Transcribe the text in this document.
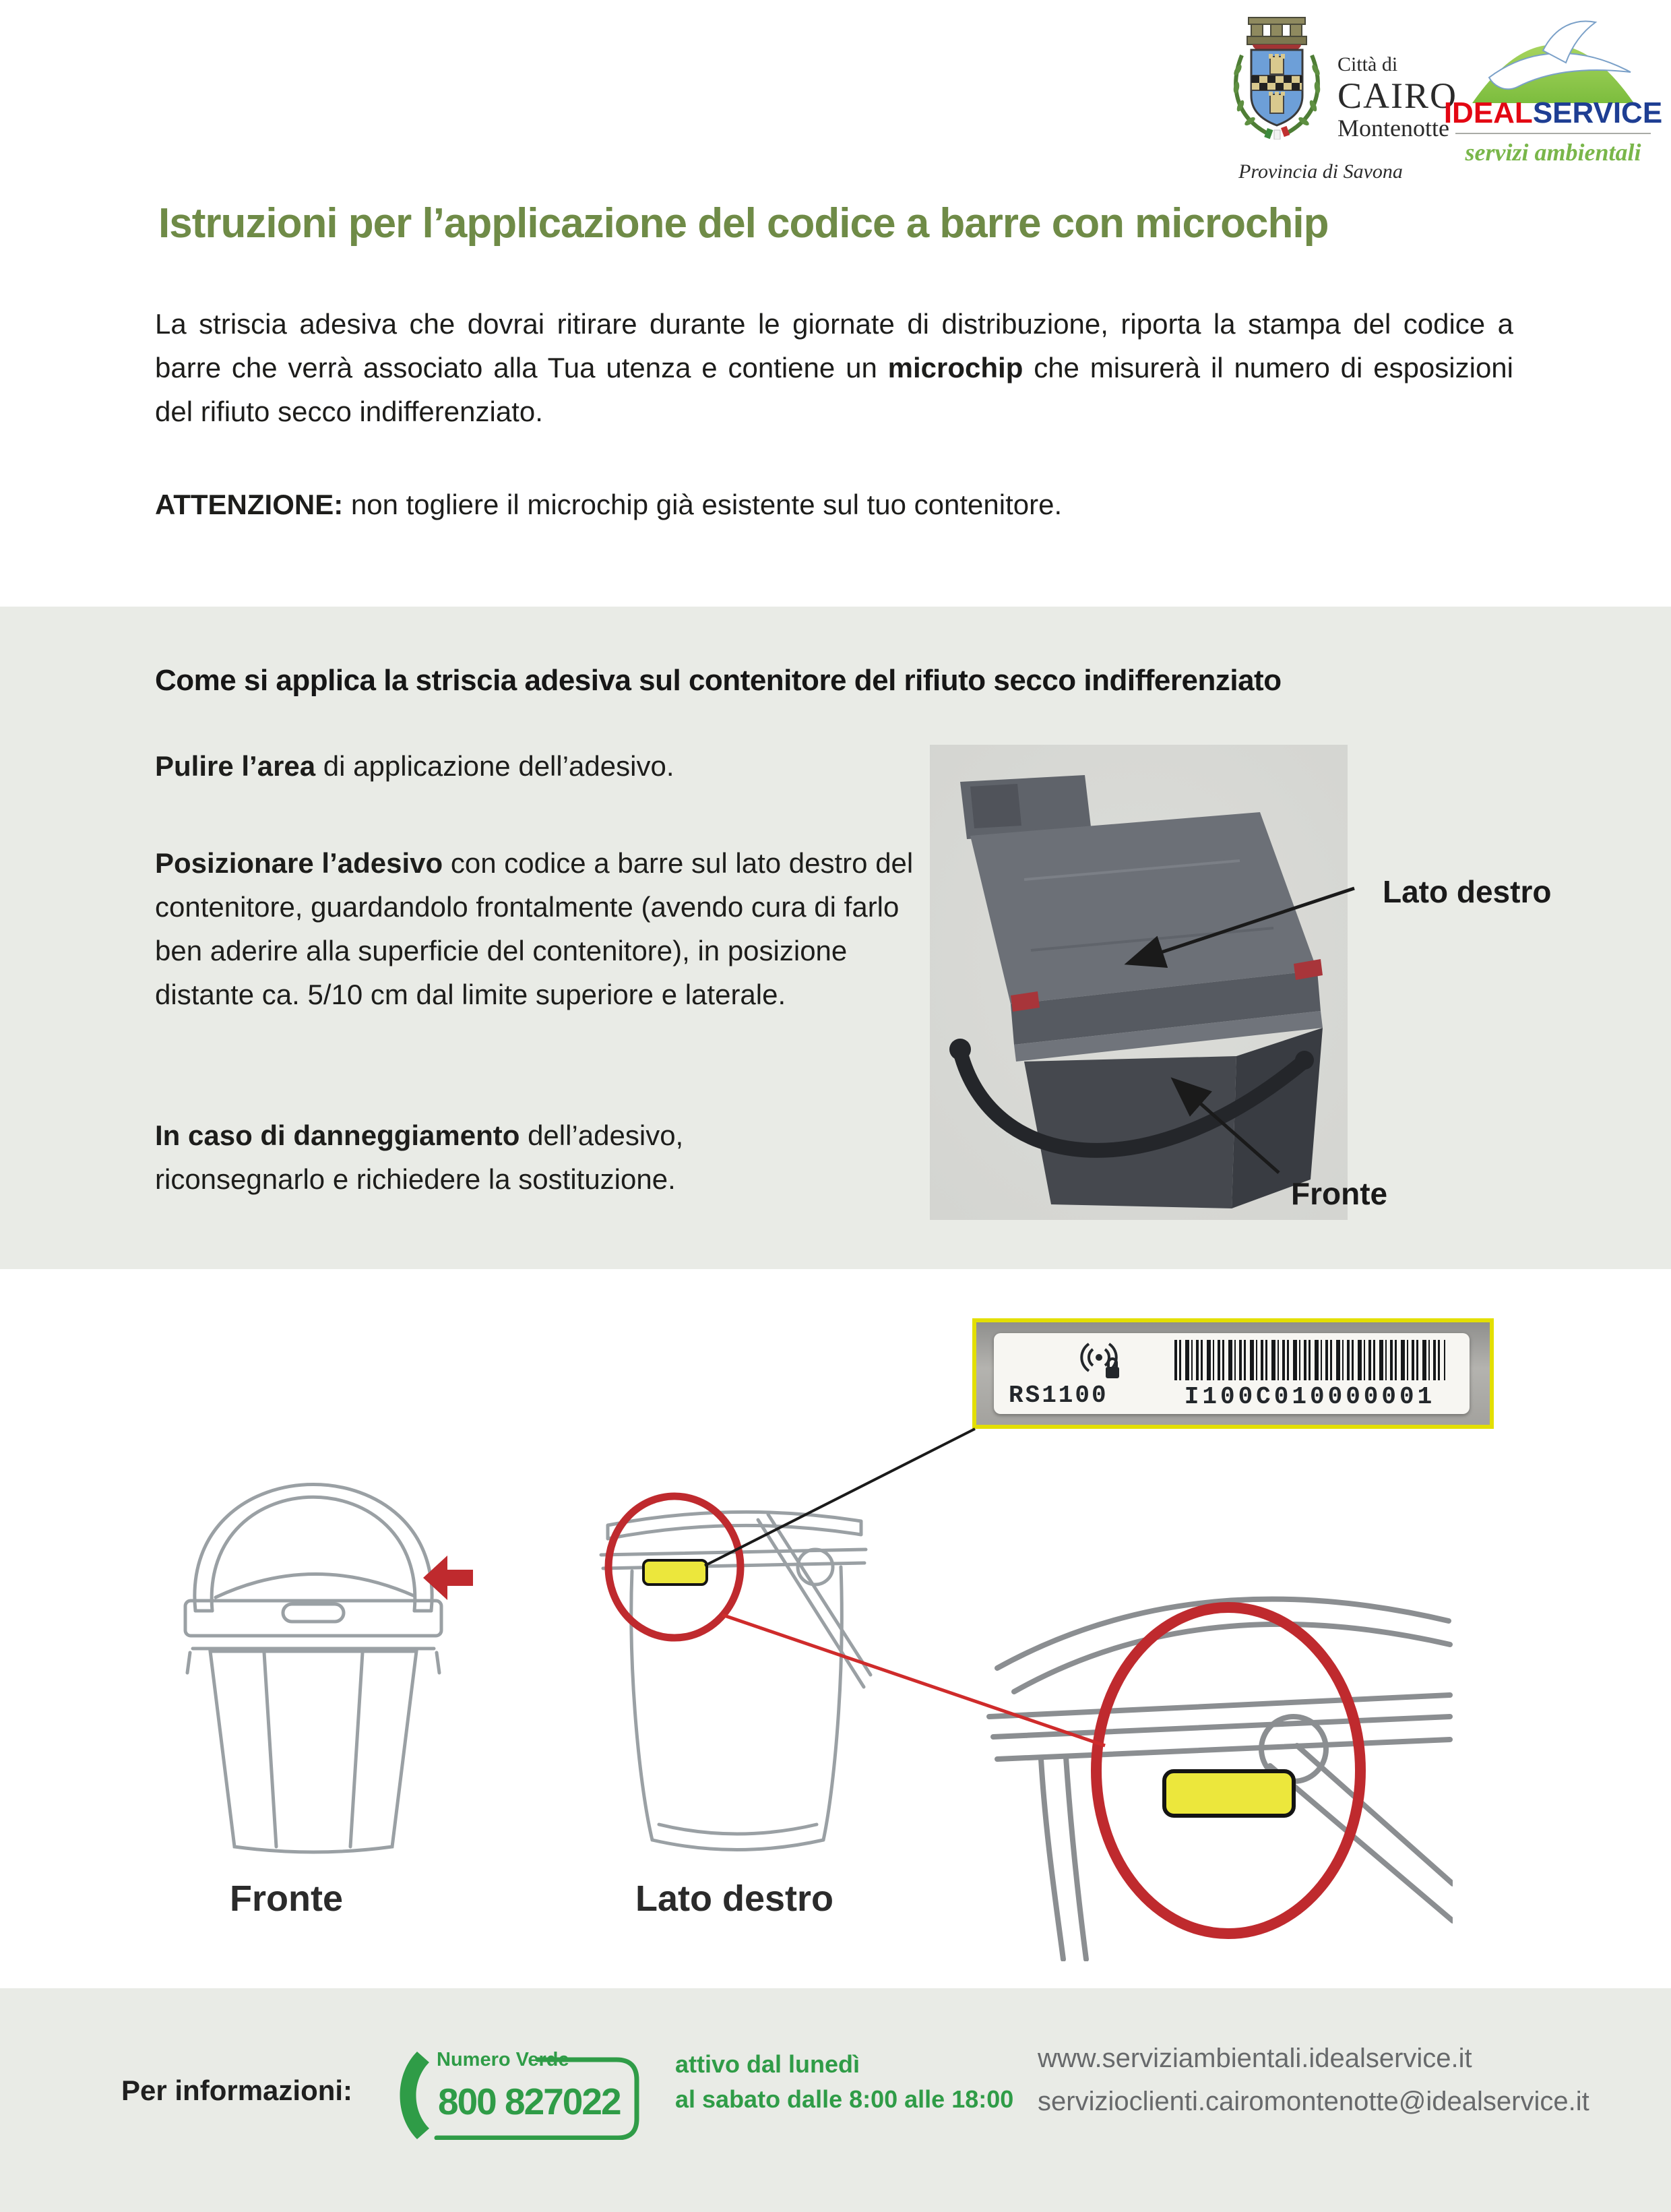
Città di
CAIRO
Montenotte
Provincia di Savona
IDEALSERVICE
servizi ambientali
Istruzioni per l’applicazione del codice a barre con microchip
La striscia adesiva che dovrai ritirare durante le giornate di distribuzione, riporta la stampa del codice a barre che verrà associato alla Tua utenza e contiene un microchip che misurerà il numero di esposizioni del rifiuto secco indifferenziato.
ATTENZIONE: non togliere il microchip già esistente sul tuo contenitore.
Come si applica la striscia adesiva sul contenitore del rifiuto secco indifferenziato
Pulire l’area di applicazione dell’adesivo.
Posizionare l’adesivo con codice a barre sul lato destro del contenitore, guardandolo frontalmente (avendo cura di farlo ben aderire alla superficie del contenitore), in posizione distante ca. 5/10 cm dal limite superiore e laterale.
In caso di danneggiamento dell’adesivo, riconsegnarlo e richiedere la sostituzione.
Lato destro
Fronte
RS1100	I100C010000001
Fronte	Lato destro
Per informazioni:
Numero Verde
800 827022
attivo dal lunedì
al sabato dalle 8:00 alle 18:00
www.serviziambientali.idealservice.it
servizioclienti.cairomontenotte@idealservice.it
